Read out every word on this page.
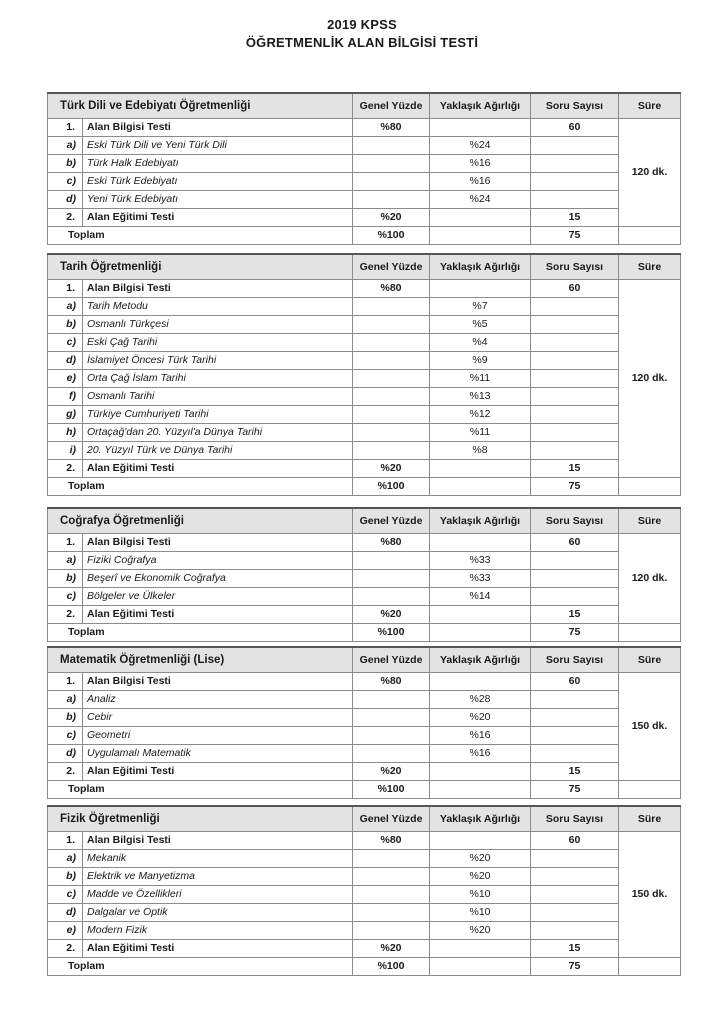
2019 KPSS
ÖĞRETMENLİK ALAN BİLGİSİ TESTİ
Türk Dili ve Edebiyatı Öğretmenliği		Genel Yüzde	Yaklaşık Ağırlığı	Soru Sayısı	Süre
1.	Alan Bilgisi Testi	%80		60	120 dk.
a)	Eski Türk Dili ve Yeni Türk Dili		%24		
b)	Türk Halk Edebiyatı		%16		
c)	Eski Türk Edebiyatı		%16		
d)	Yeni Türk Edebiyatı		%24		
2.	Alan Eğitimi Testi	%20		15	
Toplam		%100		75	
Tarih Öğretmenliği		Genel Yüzde	Yaklaşık Ağırlığı	Soru Sayısı	Süre
1.	Alan Bilgisi Testi	%80		60	120 dk.
a)	Tarih Metodu		%7		
b)	Osmanlı Türkçesi		%5		
c)	Eski Çağ Tarihi		%4		
d)	İslamiyet Öncesi Türk Tarihi		%9		
e)	Orta Çağ İslam Tarihi		%11		
f)	Osmanlı Tarihi		%13		
g)	Türkiye Cumhuriyeti Tarihi		%12		
h)	Ortaçağ'dan 20. Yüzyıl'a Dünya Tarihi		%11		
i)	20. Yüzyıl Türk ve Dünya Tarihi		%8		
2.	Alan Eğitimi Testi	%20		15	
Toplam		%100		75	
Coğrafya Öğretmenliği		Genel Yüzde	Yaklaşık Ağırlığı	Soru Sayısı	Süre
1.	Alan Bilgisi Testi	%80		60	120 dk.
a)	Fiziki Coğrafya		%33		
b)	Beşerî ve Ekonomik Coğrafya		%33		
c)	Bölgeler ve Ülkeler		%14		
2.	Alan Eğitimi Testi	%20		15	
Toplam		%100		75	
Matematik Öğretmenliği (Lise)		Genel Yüzde	Yaklaşık Ağırlığı	Soru Sayısı	Süre
1.	Alan Bilgisi Testi	%80		60	150 dk.
a)	Analiz		%28		
b)	Cebir		%20		
c)	Geometri		%16		
d)	Uygulamalı Matematik		%16		
2.	Alan Eğitimi Testi	%20		15	
Toplam		%100		75	
Fizik Öğretmenliği		Genel Yüzde	Yaklaşık Ağırlığı	Soru Sayısı	Süre
1.	Alan Bilgisi Testi	%80		60	150 dk.
a)	Mekanik		%20		
b)	Elektrik ve Manyetizma		%20		
c)	Madde ve Özellikleri		%10		
d)	Dalgalar ve Optik		%10		
e)	Modern Fizik		%20		
2.	Alan Eğitimi Testi	%20		15	
Toplam		%100		75	
